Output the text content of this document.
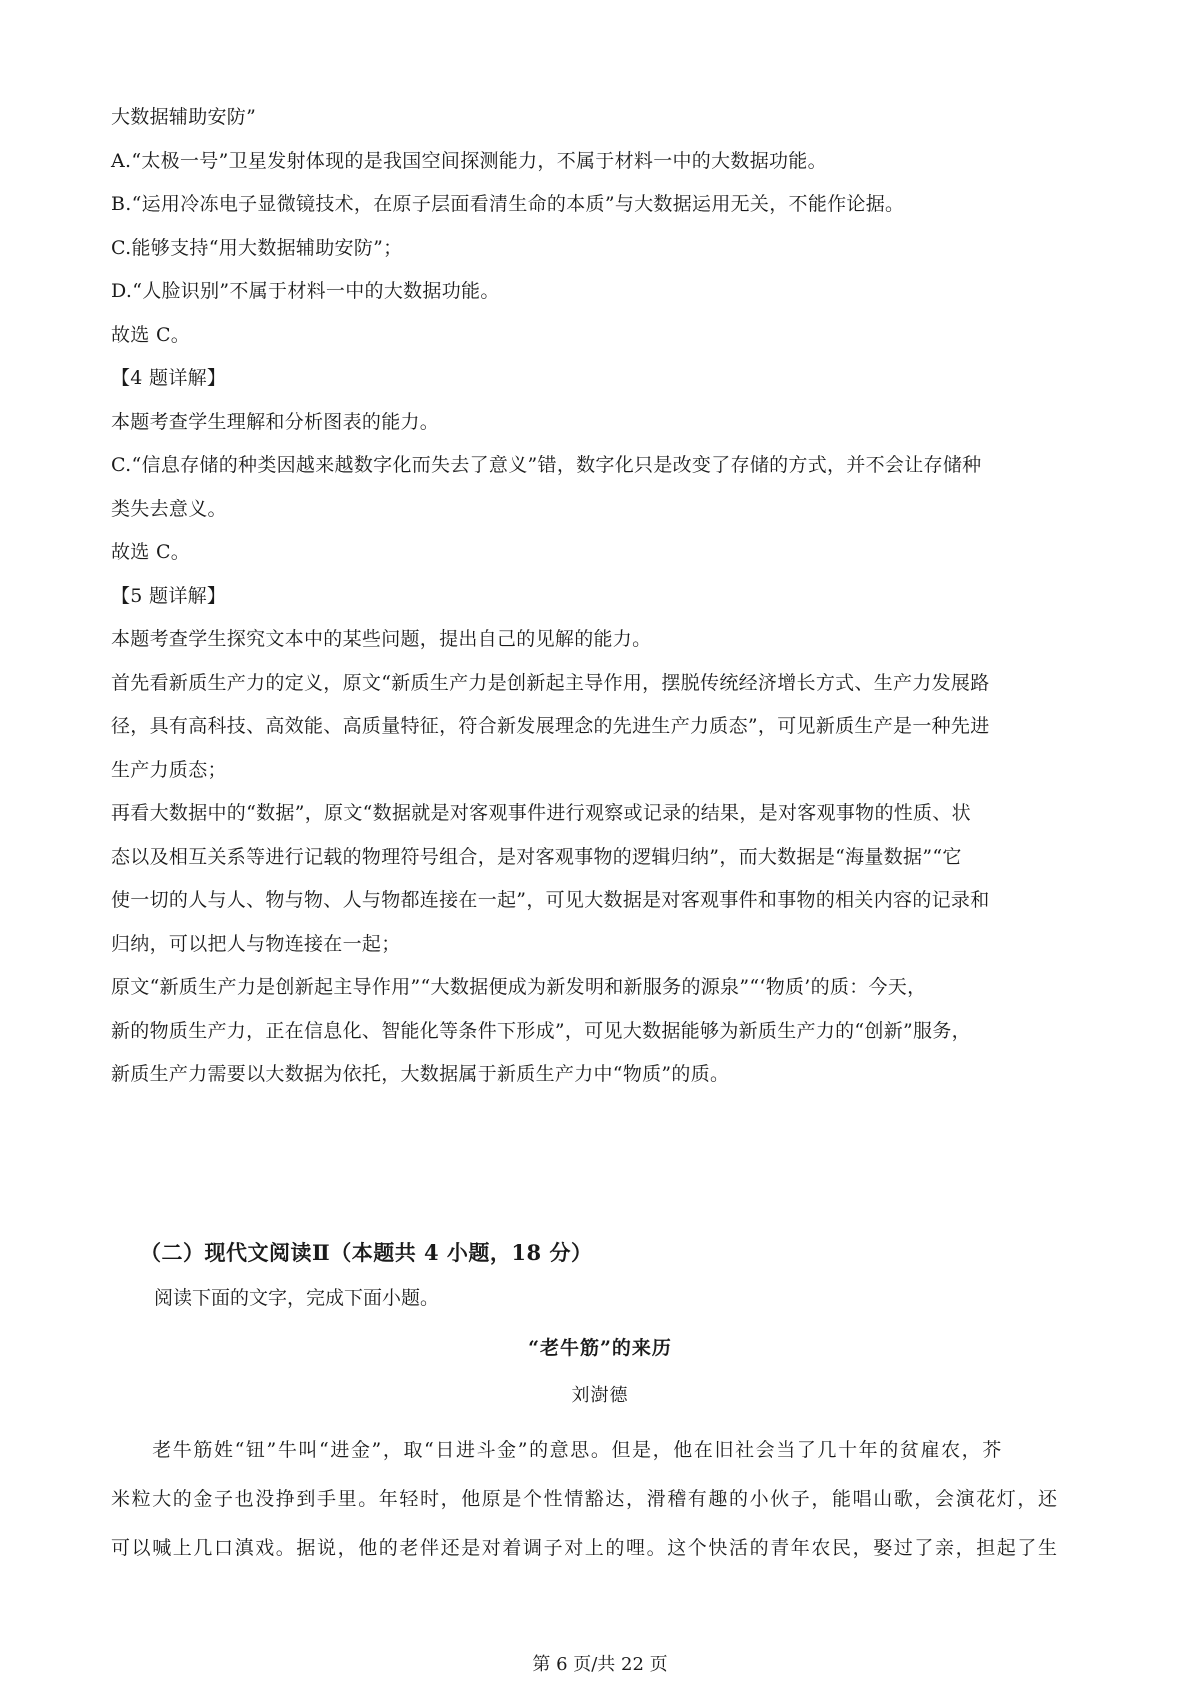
大数据辅助安防”

A.“太极一号”卫星发射体现的是我国空间探测能力，不属于材料一中的大数据功能。

B.“运用冷冻电子显微镜技术，在原子层面看清生命的本质”与大数据运用无关，不能作论据。

C.能够支持“用大数据辅助安防”；

D.“人脸识别”不属于材料一中的大数据功能。

故选 C。

【4 题详解】

本题考查学生理解和分析图表的能力。

C.“信息存储的种类因越来越数字化而失去了意义”错，数字化只是改变了存储的方式，并不会让存储种

类失去意义。

故选 C。

【5 题详解】

本题考查学生探究文本中的某些问题，提出自己的见解的能力。

首先看新质生产力的定义，原文“新质生产力是创新起主导作用，摆脱传统经济增长方式、生产力发展路

径，具有高科技、高效能、高质量特征，符合新发展理念的先进生产力质态”，可见新质生产是一种先进

生产力质态；

再看大数据中的“数据”，原文“数据就是对客观事件进行观察或记录的结果，是对客观事物的性质、状

态以及相互关系等进行记载的物理符号组合，是对客观事物的逻辑归纳”，而大数据是“海量数据”“它

使一切的人与人、物与物、人与物都连接在一起”，可见大数据是对客观事件和事物的相关内容的记录和

归纳，可以把人与物连接在一起；

原文“新质生产力是创新起主导作用”“大数据便成为新发明和新服务的源泉”“‘物质’的质：今天，

新的物质生产力，正在信息化、智能化等条件下形成”，可见大数据能够为新质生产力的“创新”服务，

新质生产力需要以大数据为依托，大数据属于新质生产力中“物质”的质。

（二）现代文阅读Ⅱ（本题共 4 小题，18 分）
阅读下面的文字，完成下面小题。
“老牛筋”的来历
刘澍德

　　老牛筋姓“钮”牛叫“进金”，取“日进斗金”的意思。但是，他在旧社会当了几十年的贫雇农，芥

米粒大的金子也没挣到手里。年轻时，他原是个性情豁达，滑稽有趣的小伙子，能唱山歌，会演花灯，还

可以喊上几口滇戏。据说，他的老伴还是对着调子对上的哩。这个快活的青年农民，娶过了亲，担起了生

第 6 页/共 22 页
